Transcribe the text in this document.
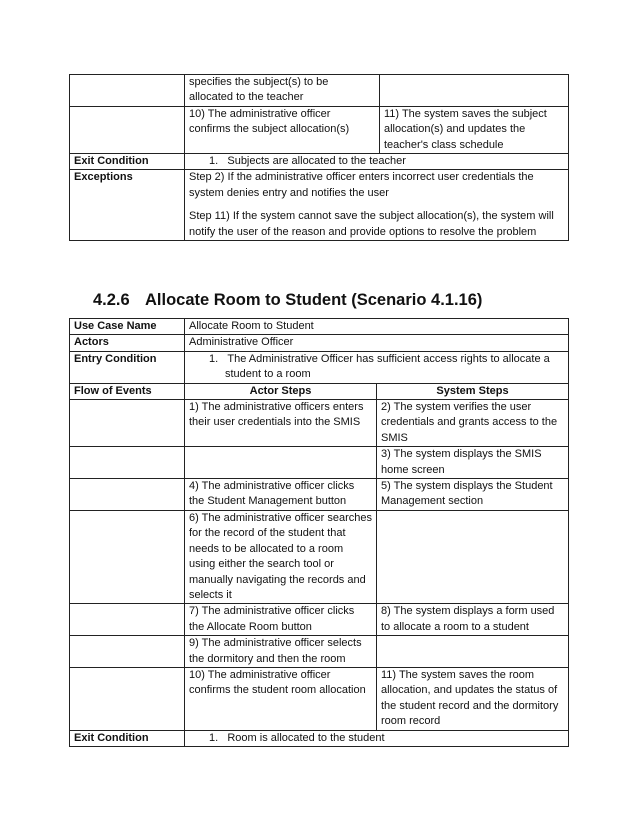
	specifies the subject(s) to be allocated to the teacher	
	10) The administrative officer confirms the subject allocation(s)	11) The system saves the subject allocation(s) and updates the teacher's class schedule
Exit Condition	1. Subjects are allocated to the teacher	
Exceptions	Step 2) If the administrative officer enters incorrect user credentials the system denies entry and notifies the user

Step 11) If the system cannot save the subject allocation(s), the system will notify the user of the reason and provide options to resolve the problem	

4.2.6 Allocate Room to Student (Scenario 4.1.16)
Use Case Name	Allocate Room to Student	
Actors	Administrative Officer	
Entry Condition	1. The Administrative Officer has sufficient access rights to allocate a student to a room	

Flow of Events	Actor Steps	System Steps
	1) The administrative officers enters their user credentials into the SMIS	2) The system verifies the user credentials and grants access to the SMIS
		3) The system displays the SMIS home screen
	4) The administrative officer clicks the Student Management button	5) The system displays the Student Management section
	6) The administrative officer searches for the record of the student that needs to be allocated to a room using either the search tool or manually navigating the records and selects it	
	7) The administrative officer clicks the Allocate Room button	8) The system displays a form used to allocate a room to a student
	9) The administrative officer selects the dormitory and then the room	
	10) The administrative officer confirms the student room allocation	11) The system saves the room allocation, and updates the status of the student record and the dormitory room record
Exit Condition	1. Room is allocated to the student	
